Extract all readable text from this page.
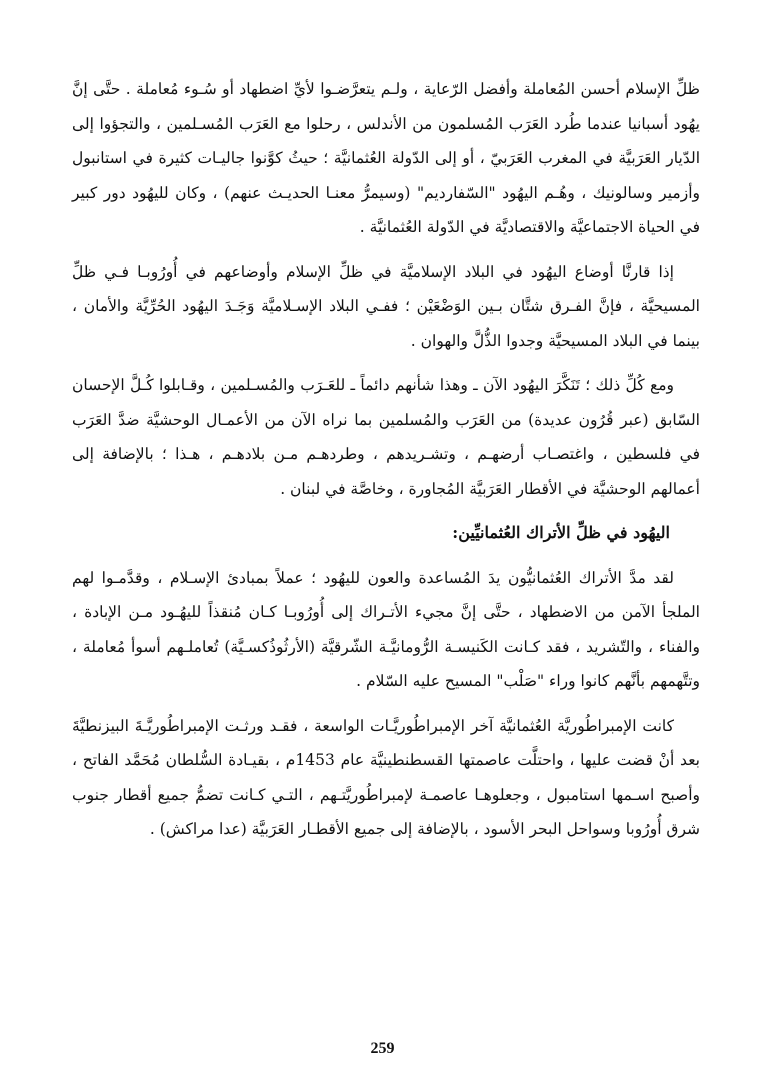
ظلِّ الإسلام أحسن المُعاملة وأفضل الرّعاية ، ولـم يتعرَّضـوا لأيِّ اضطهاد أو سُـوء مُعاملة . حتَّى إنَّ يهُود أسبانيا عندما طُرد العَرَب المُسلمون من الأندلس ، رحلوا مع العَرَب المُسـلمين ، والتجؤوا إلى الدّيار العَرَبيَّة في المغرب العَرَبيّ ، أو إلى الدّولة العُثمانيَّة ؛ حيثُ كوَّنوا جاليـات كثيرة في استانبول وأزمير وسالونيك ، وهُـم اليهُود "السّفارديم" (وسيمرُّ معنـا الحديـث عنهم) ، وكان لليهُود دور كبير في الحياة الاجتماعيَّة والاقتصاديَّة في الدّولة العُثمانيَّة .

إذا قارنَّا أوضاع اليهُود في البلاد الإسلاميَّة في ظلِّ الإسلام وأوضاعهم في أُورُوبـا فـي ظلِّ المسيحيَّة ، فإنَّ الفـرق شتَّان بـين الوَضْعَيْن ؛ ففـي البلاد الإسـلاميَّة وَجَـدَ اليهُود الحُرِّيَّة والأمان ، بينما في البلاد المسيحيَّة وجدوا الذُّلَّ والهوان .

ومع كُلِّ ذلك ؛ تَنَكَّرَ اليهُود الآن ـ وهذا شأنهم دائماً ـ للعَـرَب والمُسـلمين ، وقـابلوا كُـلَّ الإحسان السّابق (عبر قُرُون عديدة) من العَرَب والمُسلمين بما نراه الآن من الأعمـال الوحشيَّة ضدَّ العَرَب في فلسطين ، واغتصـاب أرضهـم ، وتشـريدهم ، وطردهـم مـن بلادهـم ، هـذا ؛ بالإضافة إلى أعمالهم الوحشيَّة في الأقطار العَرَبيَّة المُجاورة ، وخاصَّة في لبنان .

اليهُود في ظلِّ الأتراك العُثمانيِّين:

لقد مدَّ الأتراك العُثمانيُّون يدَ المُساعدة والعون لليهُود ؛ عملاً بمبادئ الإسـلام ، وقدَّمـوا لهم الملجأ الآمن من الاضطهاد ، حتَّى إنَّ مجيء الأتـراك إلى أُورُوبـا كـان مُنقذاً لليهُـود مـن الإبادة ، والفناء ، والتّشريد ، فقد كـانت الكَنيسـة الرُّومانيَّـة الشّرقيَّة (الأرثُوذُكسـيَّة) تُعاملـهم أسوأ مُعاملة ، وتتَّهمهم بأنَّهم كانوا وراء "صَلْب" المسيح عليه السّلام .

كانت الإمبراطُوريَّة العُثمانيَّة آخر الإمبراطُوريَّـات الواسعة ، فقـد ورثـت الإمبراطُوريَّـةَ البيزنطيَّةَ بعد أنْ قضت عليها ، واحتلَّت عاصمتها القسطنطينيَّة عام 1453م ، بقيـادة السُّلطان مُحَمَّد الفاتح ، وأصبح اسـمها استامبول ، وجعلوهـا عاصمـة لإمبراطُوريَّتـهم ، التـي كـانت تضمُّ جميع أقطار جنوب شرق أُورُوبا وسواحل البحر الأسود ، بالإضافة إلى جميع الأقطـار العَرَبيَّة (عدا مراكش) .

259
